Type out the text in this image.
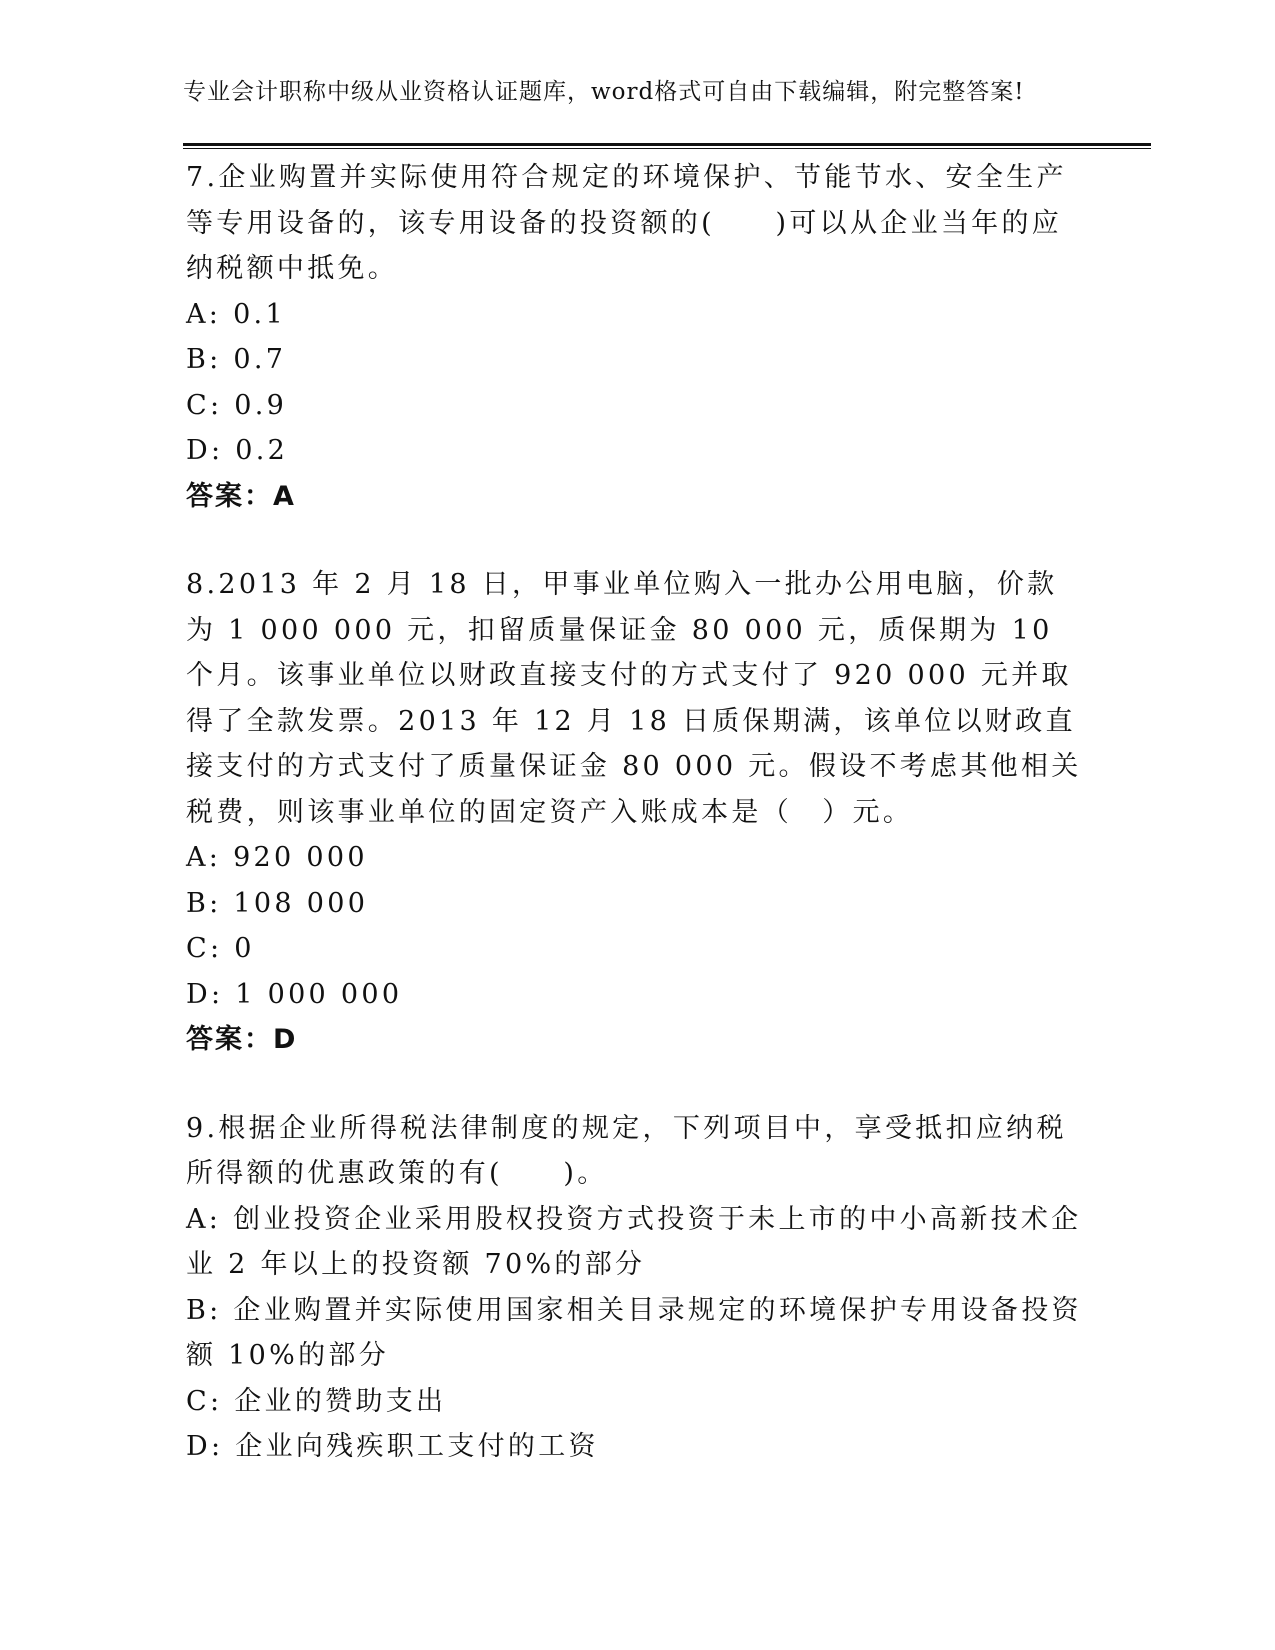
专业会计职称中级从业资格认证题库，word格式可自由下载编辑，附完整答案!

7.企业购置并实际使用符合规定的环境保护、节能节水、安全生产等专用设备的，该专用设备的投资额的(　　)可以从企业当年的应纳税额中抵免。

A: 0.1

B: 0.7

C: 0.9

D: 0.2

答案：A

8.2013 年 2 月 18 日，甲事业单位购入一批办公用电脑，价款为 1 000 000 元，扣留质量保证金 80 000 元，质保期为 10 个月。该事业单位以财政直接支付的方式支付了 920 000 元并取得了全款发票。2013 年 12 月 18 日质保期满，该单位以财政直接支付的方式支付了质量保证金 80 000 元。假设不考虑其他相关税费，则该事业单位的固定资产入账成本是（　）元。

A: 920 000

B: 108 000

C: 0

D: 1 000 000

答案：D

9.根据企业所得税法律制度的规定，下列项目中，享受抵扣应纳税所得额的优惠政策的有(　　)。

A: 创业投资企业采用股权投资方式投资于未上市的中小高新技术企业 2 年以上的投资额 70%的部分

B: 企业购置并实际使用国家相关目录规定的环境保护专用设备投资额 10%的部分

C: 企业的赞助支出

D: 企业向残疾职工支付的工资
